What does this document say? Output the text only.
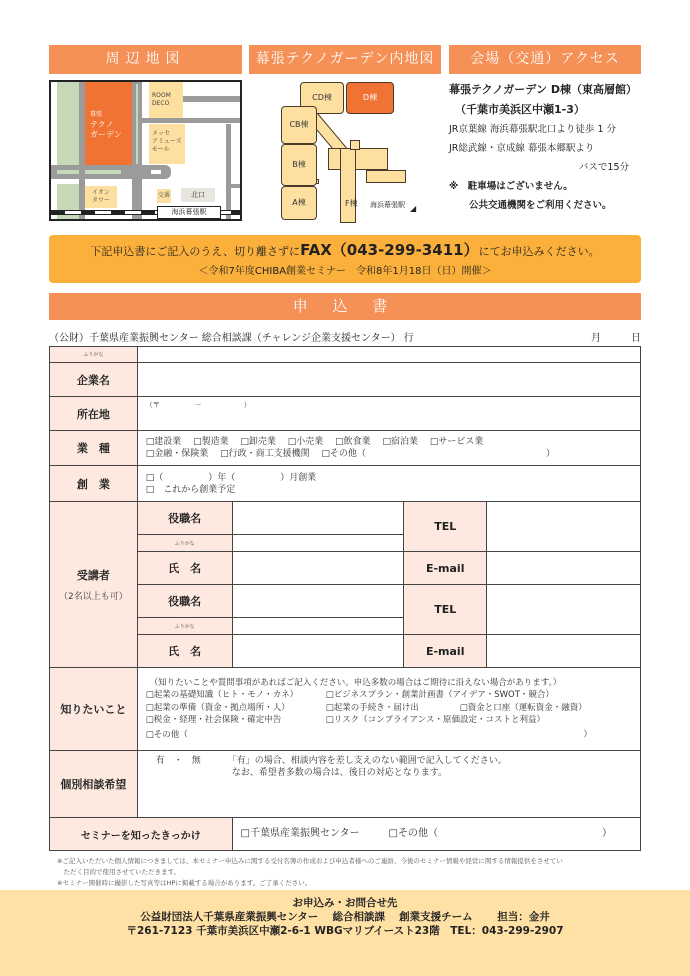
周辺地図	幕張テクノガーデン内地図	会場（交通）アクセス
幕張
テクノ
ガーデン
ROOM
DECO
メッセ
アミューズ
モール
イオン
タワー
交番	北口
海浜幕張駅
CD棟	D棟
CB棟
B棟
A棟	F棟 海浜幕張駅 ◢
幕張テクノガーデン D棟（東高層館）
（千葉市美浜区中瀬1-3）
JR京葉線 海浜幕張駅北口より徒歩 1 分
JR総武線・京成線 幕張本郷駅より
バスで15分
※　駐車場はございません。
公共交通機関をご利用ください。
下記申込書にご記入のうえ、切り離さずにFAX（043-299-3411）にてお申込みください。
＜令和7年度CHIBA創業セミナー　令和8年1月18日（日）開催＞
申 込 書
（公財）千葉県産業振興センター 総合相談課（チャレンジ企業支援センター） 行	月　　　日
ふりがな				
企業名				
所在地	（〒　　　　　－　　　　　　）			
業　種	□建設業　 □製造業　 □卸売業　 □小売業　 □飲食業　 □宿泊業　 □サービス業
□金融・保険業　 □行政・商工支援機関　 □その他（　　　　　　　　　　　　　　　　　　　　）			

創　業	□（　　　　　）年（　　　　　）月創業
□　これから創業予定			

受講者
（2名以上も可）	役職名		TEL	
	ふりがな			
	氏　名		E-mail	
	役職名		TEL	
	ふりがな			
	氏　名		E-mail	
知りたいこと	
（知りたいことや質問事項があればご記入ください。申込多数の場合はご期待に沿えない場合があります。）
□起業の基礎知識（ヒト・モノ・カネ）	□ビジネスプラン・創業計画書（アイデア・SWOT・競合）
□起業の準備（資金・拠点場所・人）	□起業の手続き・届け出	□資金と口座（運転資金・融資）
□税金・経理・社会保険・確定申告	□リスク（コンプライアンス・原価設定・コストと利益）
□その他（	）

個別相談希望	有　・　無 「有」の場合、相談内容を差し支えのない範囲で記入してください。
なお、希望者多数の場合は、後日の対応となります。			

セミナーを知ったきっかけ		□千葉県産業振興センター □その他（ ）		
※ご記入いただいた個人情報につきましては、本セミナー申込みに関する受付名簿の作成および申込者様へのご連絡、今後のセミナー情報や経営に関する情報提供をさせてい
　ただく目的で使用させていただきます。
※セミナー開催時に撮影した写真等はHPに掲載する場合があります。ご了承ください。
お申込み・お問合せ先
公益財団法人千葉県産業振興センター　 総合相談課　 創業支援チーム　　 担当：金井
〒261-7123 千葉市美浜区中瀬2-6-1 WBGマリブイースト23階　TEL：043-299-2907
